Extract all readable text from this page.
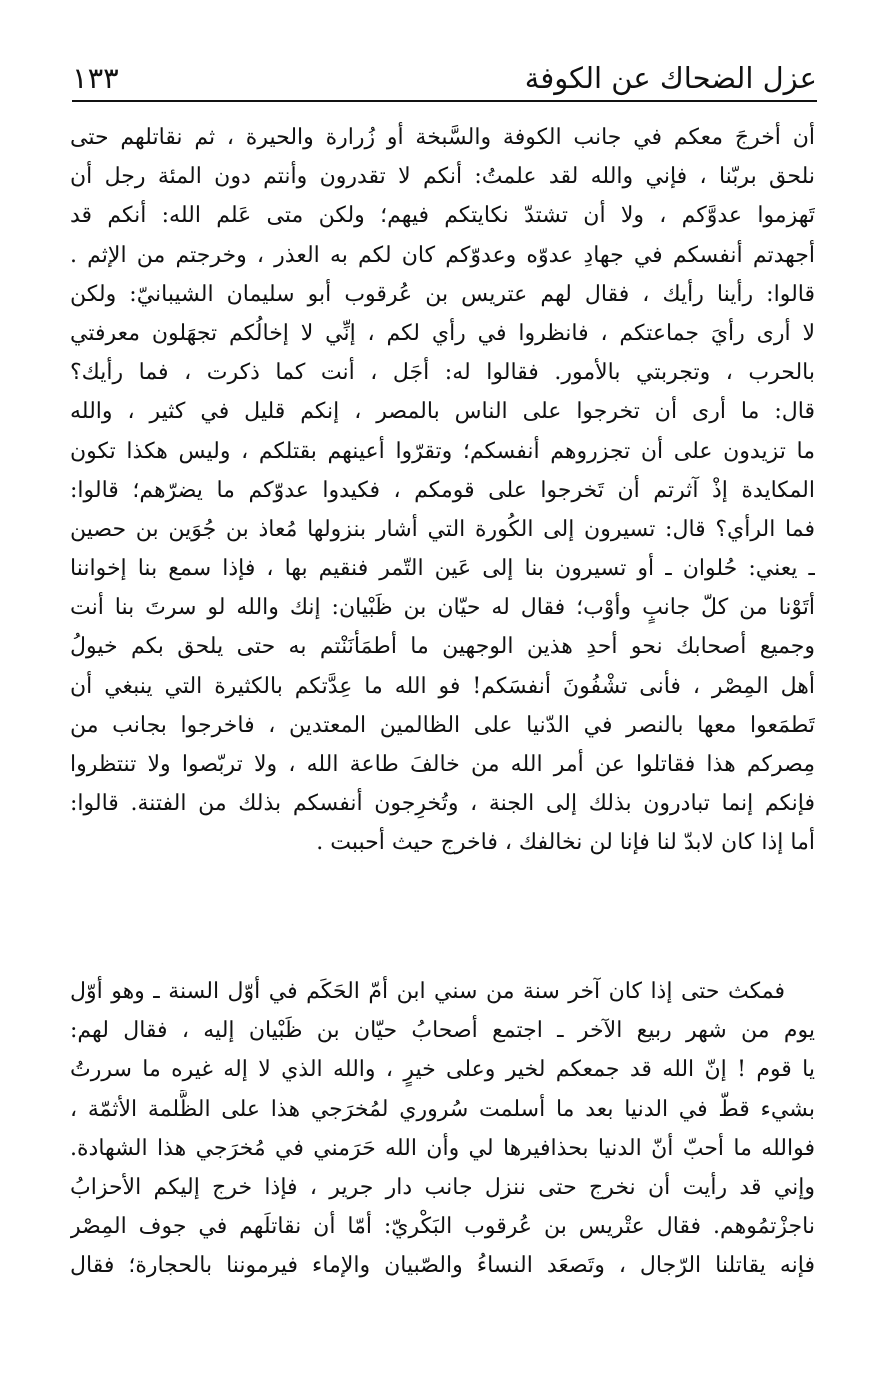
عزل الضحاك عن الكوفة
١٣٣
أن أخرجَ معكم في جانب الكوفة والسَّبخة أو زُرارة والحيرة ، ثم نقاتلهم حتى
نلحق بربّنا ، فإني والله لقد علمتُ: أنكم لا تقدرون وأنتم دون المئة رجل أن
تَهزموا عدوَّكم ، ولا أن تشتدّ نكايتكم فيهم؛ ولكن متى عَلم الله: أنكم قد
أجهدتم أنفسكم في جهادِ عدوّه وعدوّكم كان لكم به العذر ، وخرجتم من الإثم .
قالوا: رأينا رأيك ، فقال لهم عتريس بن عُرقوب أبو سليمان الشيبانيّ: ولكن
لا أرى رأيَ جماعتكم ، فانظروا في رأي لكم ، إنِّي لا إخالُكم تجهَلون معرفتي
بالحرب ، وتجربتي بالأمور. فقالوا له: أجَل ، أنت كما ذكرت ، فما رأيك؟
قال: ما أرى أن تخرجوا على الناس بالمصر ، إنكم قليل في كثير ، والله
ما تزيدون على أن تجزروهم أنفسكم؛ وتقرّوا أعينهم بقتلكم ، وليس هكذا تكون
المكايدة إذْ آثرتم أن تَخرجوا على قومكم ، فكيدوا عدوّكم ما يضرّهم؛ قالوا:
فما الرأي؟ قال: تسيرون إلى الكُورة التي أشار بنزولها مُعاذ بن جُوَين بن حصين
ـ يعني: حُلوان ـ أو تسيرون بنا إلى عَين التّمر فنقيم بها ، فإذا سمع بنا إخواننا
أتَوْنا من كلّ جانبٍ وأوْب؛ فقال له حيّان بن ظَبْيان: إنك والله لو سرتَ بنا أنت
وجميع أصحابك نحو أحدِ هذين الوجهين ما أطمَأنَنْتم به حتى يلحق بكم خيولُ
أهل المِصْر ، فأنى تشْفُونَ أنفسَكم! فو الله ما عِدَّتكم بالكثيرة التي ينبغي أن
تَطمَعوا معها بالنصر في الدّنيا على الظالمين المعتدين ، فاخرجوا بجانب من
مِصركم هذا فقاتلوا عن أمر الله من خالفَ طاعة الله ، ولا تربّصوا ولا تنتظروا
فإنكم إنما تبادرون بذلك إلى الجنة ، وتُخرِجون أنفسكم بذلك من الفتنة. قالوا:
أما إذا كان لابدّ لنا فإنا لن نخالفك ، فاخرج حيث أحببت .
فمكث حتى إذا كان آخر سنة من سني ابن أمّ الحَكَم في أوّل السنة ـ وهو أوّل
يوم من شهر ربيع الآخر ـ اجتمع أصحابُ حيّان بن ظَبْيان إليه ، فقال لهم:
يا قوم ! إنّ الله قد جمعكم لخير وعلى خيرٍ ، والله الذي لا إله غيره ما سررتُ
بشيء قطّ في الدنيا بعد ما أسلمت سُروري لمُخرَجي هذا على الظَّلمة الأثمّة ،
فوالله ما أحبّ أنّ الدنيا بحذافيرها لي وأن الله حَرَمني في مُخرَجي هذا الشهادة.
وإني قد رأيت أن نخرج حتى ننزل جانب دار جرير ، فإذا خرج إليكم الأحزابُ
ناجزْتمُوهم. فقال عتْريس بن عُرقوب البَكْريّ: أمّا أن نقاتلَهم في جوف المِصْر
فإنه يقاتلنا الرّجال ، وتَصعَد النساءُ والصّبيان والإماء فيرموننا بالحجارة؛ فقال
